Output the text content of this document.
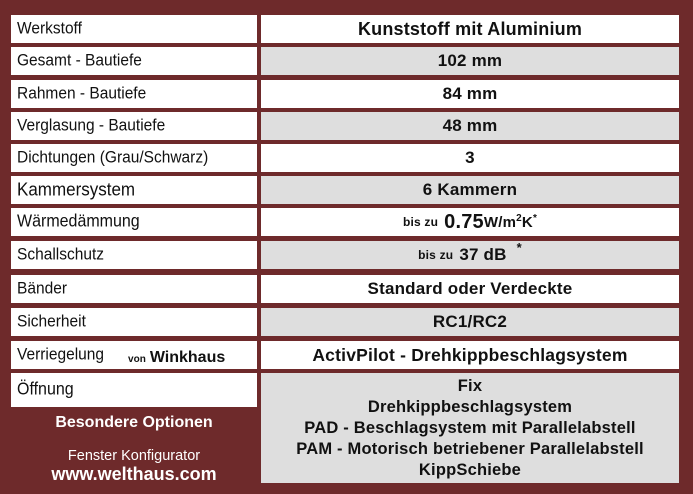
Werkstoff	Kunststoff mit Aluminium
Gesamt - Bautiefe	102 mm
Rahmen - Bautiefe	84 mm
Verglasung - Bautiefe	48 mm
Dichtungen (Grau/Schwarz)	3
Kammersystem	6 Kammern
Wärmedämmung	bis zu 0.75 $W/m^2K^*$
Schallschutz	bis zu 37 dB *
Bänder	Standard oder Verdeckte
Sicherheit	RC1/RC2
Verriegelung von Winkhaus	ActivPilot - Drehkippbeschlagsystem
Öffnung	Fix
Drehkippbeschlagsystem
PAD - Beschlagsystem mit Parallelabstell
PAM - Motorisch betriebener Parallelabstell
KippSchiebe
Besondere Optionen
Fenster Konfigurator
www.welthaus.com
